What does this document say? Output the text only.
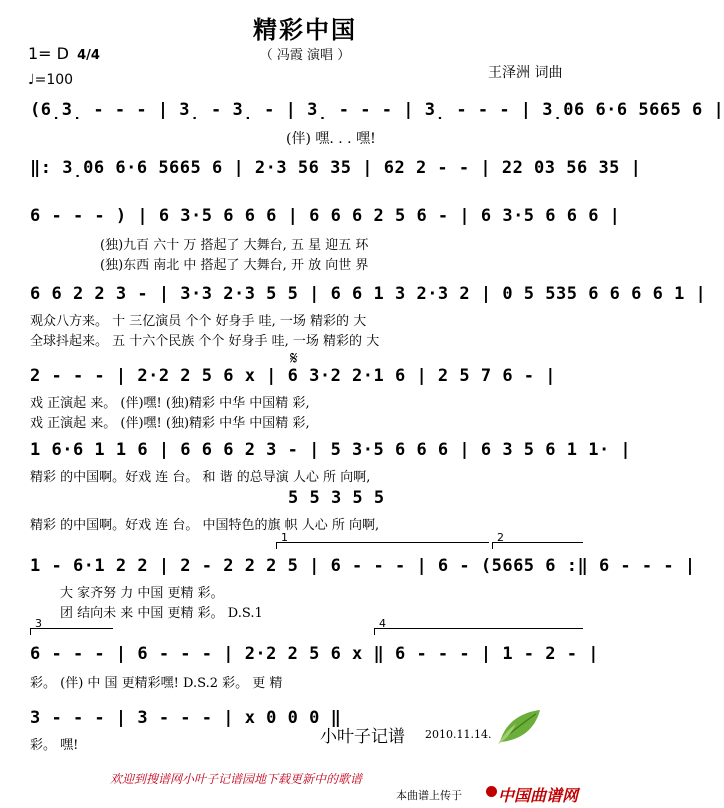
精彩中国
（ 冯霞 演唱 ）
1= D 4/4
♩=100	王泽洲 词曲
(6̣3̣ - - - | 3̣ - 3̣ - | 3̣ - - - | 3̣ - - - | 3̣06 6·6 5665 6 |
(伴) 嘿. . . 嘿!
‖: 3̣06 6·6 5665 6 | 2·3 56 35 | 62 2 - - | 22 03 56 35 |
6 - - - ) | 6 3·5 6 6 6 | 6 6 6 2 5 6 - | 6 3·5 6 6 6 |
(独)九百 六十 万 搭起了 大舞台, 五 星 迎五 环
(独)东西 南北 中 搭起了 大舞台, 开 放 向世 界
6 6 2 2 3 - | 3·3 2·3 5 5 | 6 6 1 3 2·3 2 | 0 5 535 6 6 6 6 1 |
观众八方来。 十 三亿演员 个个 好身手 哇, 一场 精彩的 大
全球抖起来。 五 十六个民族 个个 好身手 哇, 一场 精彩的 大
𝄋
2 - - - | 2·2 2 5 6 x | 6 3·2 2·1 6 | 2 5 7 6 - |
戏 正演起 来。 (伴)嘿! (独)精彩 中华 中国精 彩,
戏 正演起 来。 (伴)嘿! (独)精彩 中华 中国精 彩,
1 6·6 1 1 6 | 6 6 6 2 3 - | 5 3·5 6 6 6 | 6 3 5 6 1 1· |
精彩 的中国啊。好戏 连 台。 和 谐 的总导演 人心 所 向啊,
5 5 3 5 5
精彩 的中国啊。好戏 连 台。 中国特色的旗 帜 人心 所 向啊,
1	2
1 - 6·1 2 2 | 2 - 2 2 2 5 | 6 - - - | 6 - (5665 6 :‖ 6 - - - |
大 家齐努 力 中国 更精 彩。
团 结向未 来 中国 更精 彩。 D.S.1
3	4
6 - - - | 6 - - - | 2·2 2 5 6 x ‖ 6 - - - | 1 - 2 - |
彩。 (伴) 中 国 更精彩嘿! D.S.2 彩。 更 精
3 - - - | 3 - - - | x 0 0 0 ‖
彩。 嘿!	小叶子记谱 2010.11.14.
欢迎到搜谱网小叶子记谱园地下载更新中的歌谱
本曲谱上传于 中国曲谱网
